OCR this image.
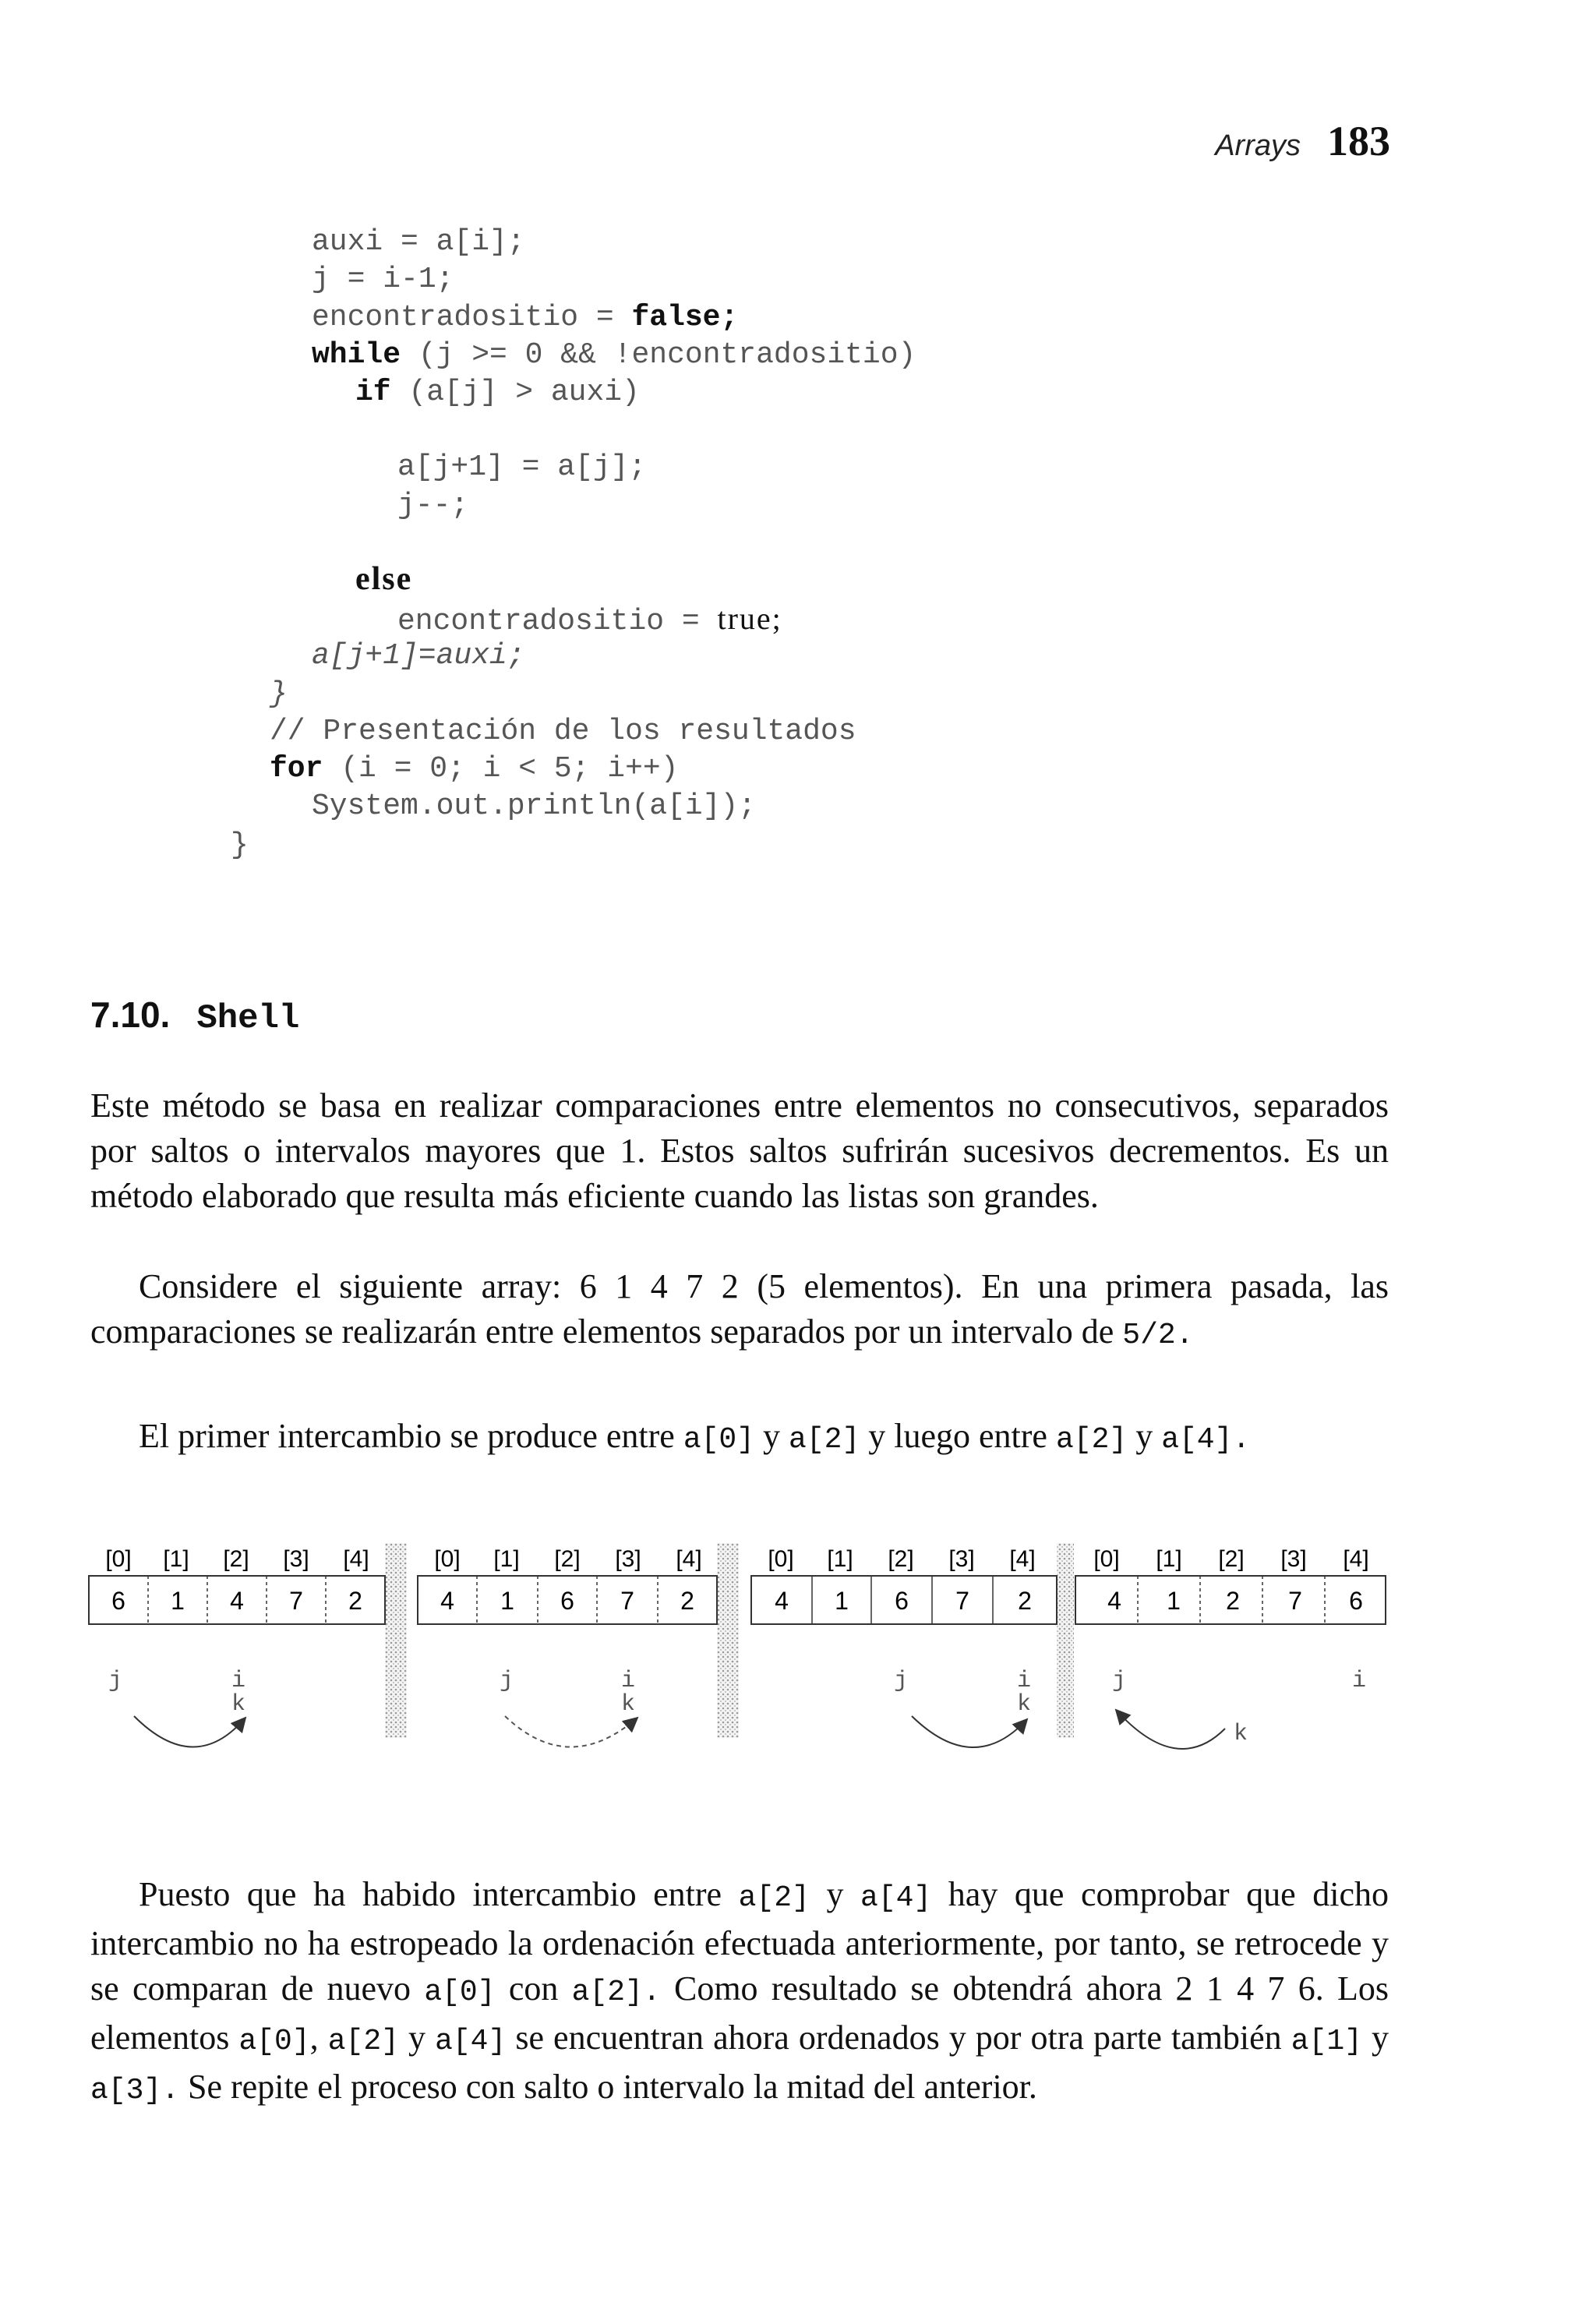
Arrays 183
auxi = a[i];
j = i-1;
encontradositio = false;
while (j >= 0 && !encontradositio)
if (a[j] > auxi)
a[j+1] = a[j];
j--;
else
encontradositio = true;
a[j+1]=auxi;
}
// Presentación de los resultados
for (i = 0; i < 5; i++)
System.out.println(a[i]);
}
7.10. Shell

Este método se basa en realizar comparaciones entre elementos no consecutivos, separados por saltos o intervalos mayores que 1. Estos saltos sufrirán sucesivos decrementos. Es un método elaborado que resulta más eficiente cuando las listas son grandes.

Considere el siguiente array: 6 1 4 7 2 (5 elementos). En una primera pasada, las comparaciones se realizarán entre elementos separados por un intervalo de 5/2.

El primer intercambio se produce entre a[0] y a[2] y luego entre a[2] y a[4].

[0] [1] [2] [3] [4]
6 1 4 7 2
j	i
k
[0] [1] [2] [3] [4]
4 1 6 7 2
j	i
k
[0] [1] [2] [3] [4]
4 1 6 7 2
j	i
k
[0] [1] [2] [3] [4]
4 1 2 7 6
j	i
k

Puesto que ha habido intercambio entre a[2] y a[4] hay que comprobar que dicho intercambio no ha estropeado la ordenación efectuada anteriormente, por tanto, se retrocede y se comparan de nuevo a[0] con a[2]. Como resultado se obtendrá ahora 2 1 4 7 6. Los elementos a[0], a[2] y a[4] se encuentran ahora ordenados y por otra parte también a[1] y a[3]. Se repite el proceso con salto o intervalo la mitad del anterior.
